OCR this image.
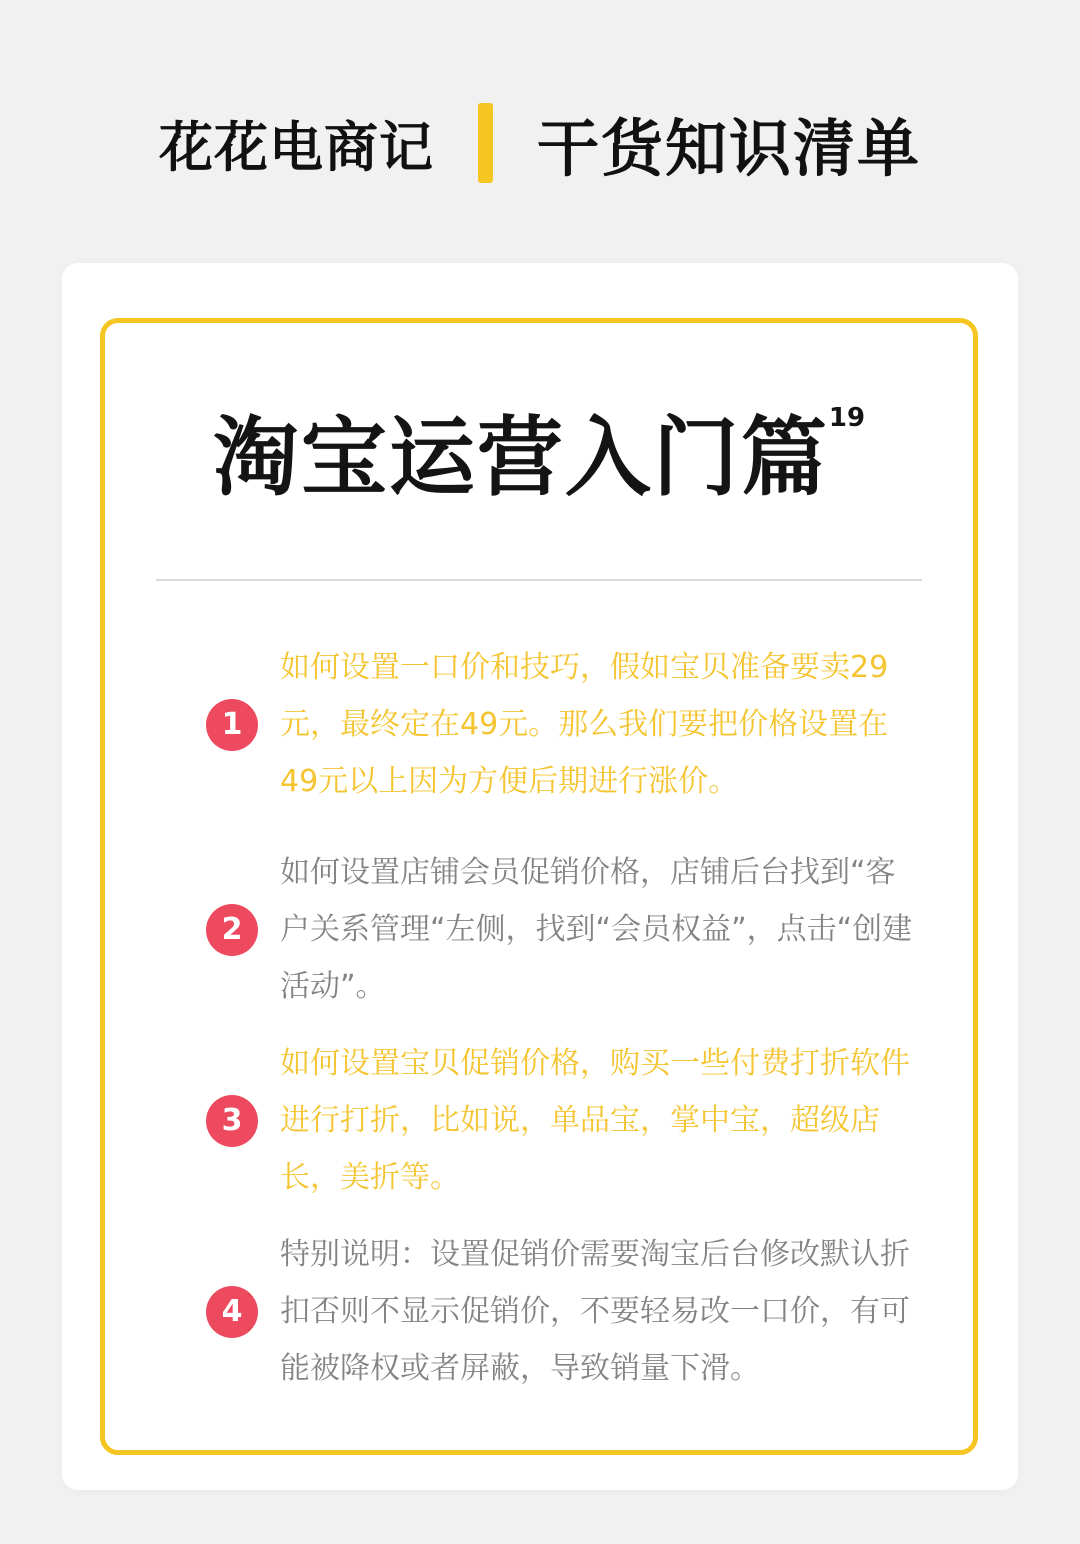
花花电商记 干货知识清单
淘宝运营入门篇19
1
如何设置一口价和技巧，假如宝贝准备要卖29元，最终定在49元。那么我们要把价格设置在49元以上因为方便后期进行涨价。
2
如何设置店铺会员促销价格，店铺后台找到“客户关系管理“左侧，找到“会员权益”，点击“创建活动”。
3
如何设置宝贝促销价格，购买一些付费打折软件进行打折，比如说，单品宝，掌中宝，超级店长，美折等。
4
特别说明：设置促销价需要淘宝后台修改默认折扣否则不显示促销价，不要轻易改一口价，有可能被降权或者屏蔽，导致销量下滑。
